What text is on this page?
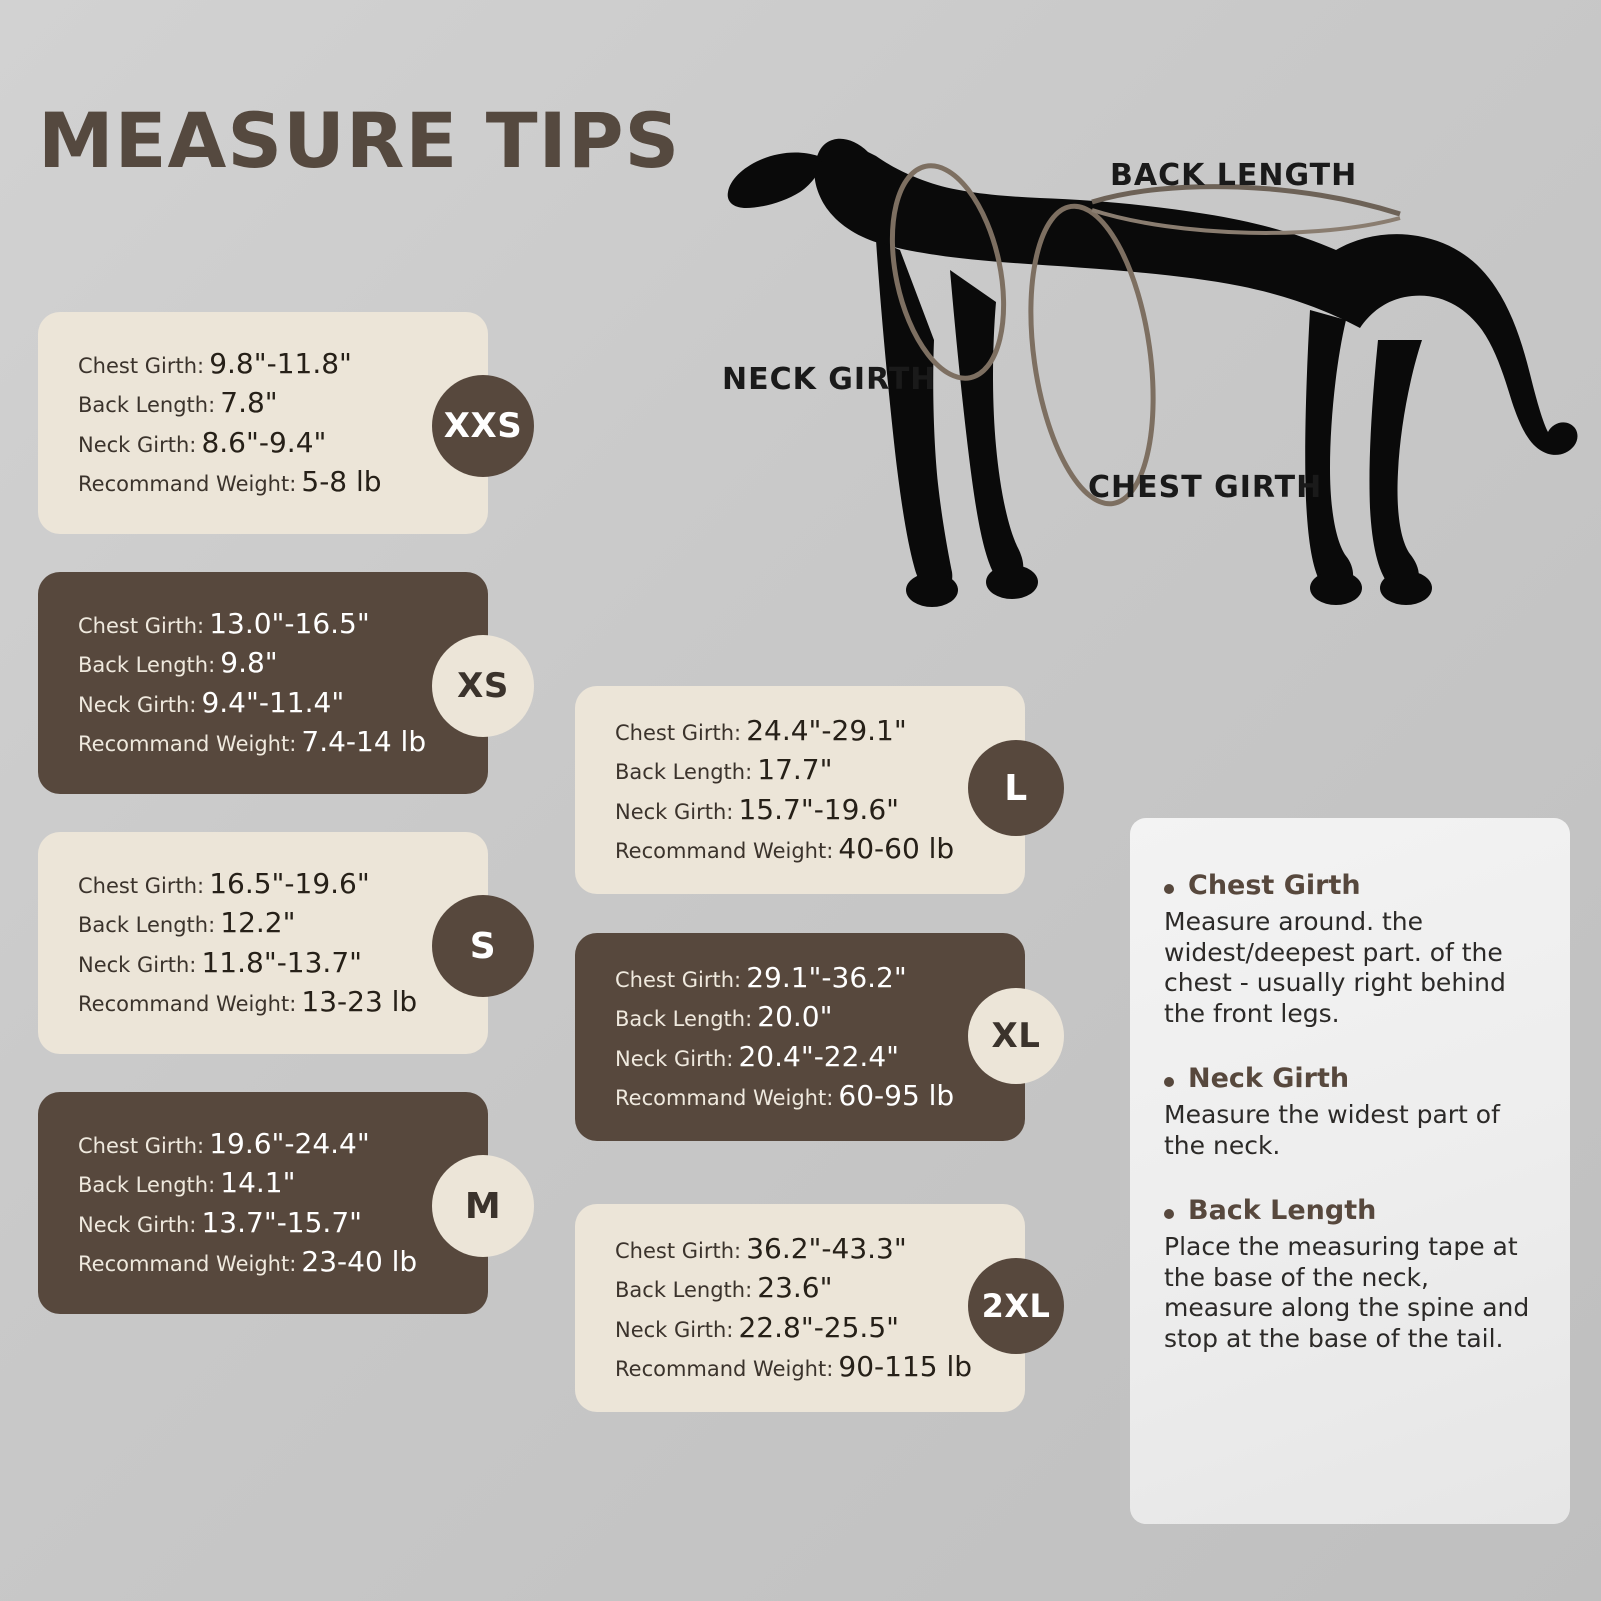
MEASURE TIPS	BACK LENGTH
NECK GIRTH
CHEST GIRTH
Chest Girth: 9.8"-11.8"
Back Length: 7.8"
Neck Girth: 8.6"-9.4"
Recommand Weight: 5-8 lb
XXS
Chest Girth: 13.0"-16.5"
Back Length: 9.8"
Neck Girth: 9.4"-11.4"
Recommand Weight: 7.4-14 lb
XS
Chest Girth: 16.5"-19.6"
Back Length: 12.2"
Neck Girth: 11.8"-13.7"
Recommand Weight: 13-23 lb
S
Chest Girth: 19.6"-24.4"
Back Length: 14.1"
Neck Girth: 13.7"-15.7"
Recommand Weight: 23-40 lb
M
Chest Girth: 24.4"-29.1"
Back Length: 17.7"
Neck Girth: 15.7"-19.6"
Recommand Weight: 40-60 lb
L
Chest Girth: 29.1"-36.2"
Back Length: 20.0"
Neck Girth: 20.4"-22.4"
Recommand Weight: 60-95 lb
XL
Chest Girth: 36.2"-43.3"
Back Length: 23.6"
Neck Girth: 22.8"-25.5"
Recommand Weight: 90-115 lb
2XL
Chest Girth

Measure around. the widest/deepest part. of the chest - usually right behind the front legs.

Neck Girth

Measure the widest part of the neck.

Back Length

Place the measuring tape at the base of the neck, measure along the spine and stop at the base of the tail.
